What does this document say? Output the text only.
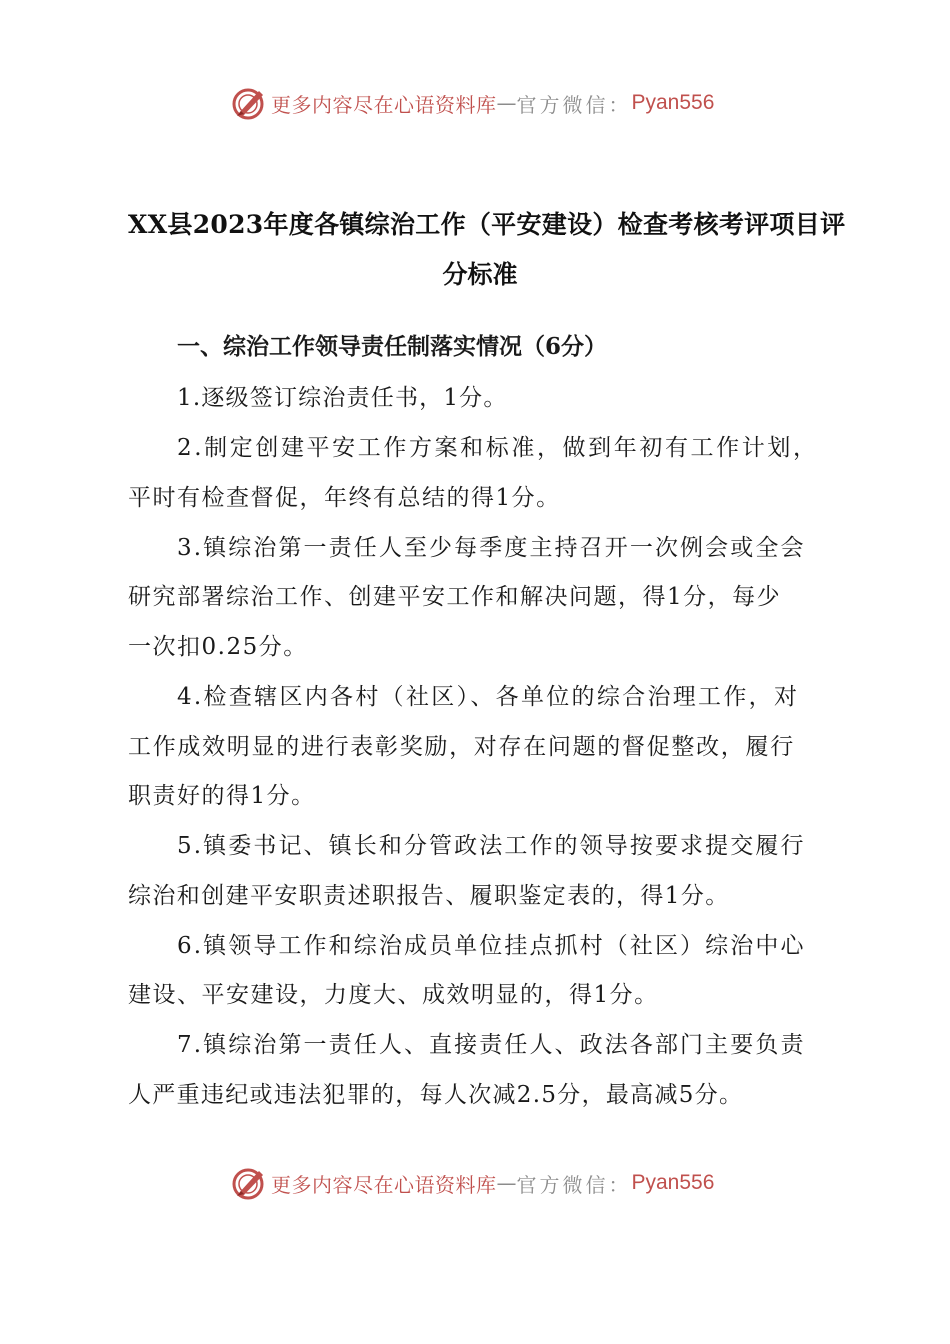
更多内容尽在心语资料库 — 官方微信： Pyan556
XX县2023年度各镇综治工作（平安建设）检查考核考评项目评
分标准
一、综治工作领导责任制落实情况（6分）
1.逐级签订综治责任书，1分。
2.制定创建平安工作方案和标准，做到年初有工作计划，
平时有检查督促，年终有总结的得1分。
3.镇综治第一责任人至少每季度主持召开一次例会或全会
研究部署综治工作、创建平安工作和解决问题，得1分，每少
一次扣0.25分。
4.检查辖区内各村（社区）、各单位的综合治理工作，对
工作成效明显的进行表彰奖励，对存在问题的督促整改，履行
职责好的得1分。
5.镇委书记、镇长和分管政法工作的领导按要求提交履行
综治和创建平安职责述职报告、履职鉴定表的，得1分。
6.镇领导工作和综治成员单位挂点抓村（社区）综治中心
建设、平安建设，力度大、成效明显的，得1分。
7.镇综治第一责任人、直接责任人、政法各部门主要负责
人严重违纪或违法犯罪的，每人次减2.5分，最高减5分。
更多内容尽在心语资料库 — 官方微信： Pyan556
